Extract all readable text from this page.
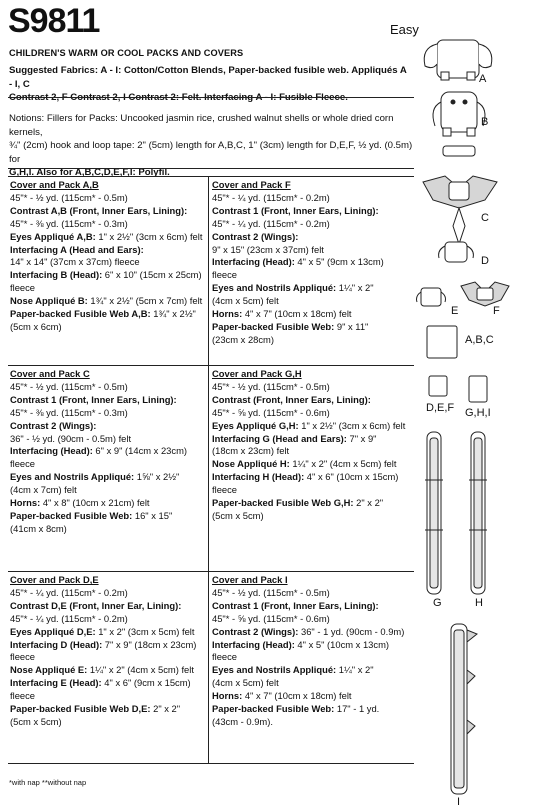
S9811	Easy
CHILDREN'S WARM OR COOL PACKS AND COVERS
Suggested Fabrics: A - I: Cotton/Cotton Blends, Paper-backed fusible web. Appliqués A - I, C
Contrast 2, F Contrast 2, I Contrast 2: Felt. Interfacing A - I: Fusible Fleece.
Notions: Fillers for Packs: Uncooked jasmin rice, crushed walnut shells or whole dried corn kernels,
¾" (2cm) hook and loop tape: 2" (5cm) length for A,B,C, 1" (3cm) length for D,E,F, ½ yd. (0.5m) for
G,H,I. Also for A,B,C,D,E,F,I: Polyfil.
Cover and Pack A,B
45"* - ½ yd. (115cm* - 0.5m)
Contrast A,B (Front, Inner Ears, Lining):
45"* - ⅜ yd. (115cm* - 0.3m)
Eyes Appliqué A,B: 1" x 2½" (3cm x 6cm) felt
Interfacing A (Head and Ears):
14" x 14" (37cm x 37cm) fleece
Interfacing B (Head): 6" x 10" (15cm x 25cm)
fleece
Nose Appliqué B: 1¾" x 2½" (5cm x 7cm) felt
Paper-backed Fusible Web A,B: 1¾" x 2½"
(5cm x 6cm)
Cover and Pack F
45"* - ¼ yd. (115cm* - 0.2m)
Contrast 1 (Front, Inner Ears, Lining):
45"* - ¼ yd. (115cm* - 0.2m)
Contrast 2 (Wings):
9" x 15" (23cm x 37cm) felt
Interfacing (Head): 4" x 5" (9cm x 13cm) fleece
Eyes and Nostrils Appliqué: 1¼" x 2"
(4cm x 5cm) felt
Horns: 4" x 7" (10cm x 18cm) felt
Paper-backed Fusible Web: 9" x 11"
(23cm x 28cm)
Cover and Pack C
45"* - ½ yd. (115cm* - 0.5m)
Contrast 1 (Front, Inner Ears, Lining):
45"* - ⅜ yd. (115cm* - 0.3m)
Contrast 2 (Wings):
36" - ½ yd. (90cm - 0.5m) felt
Interfacing (Head): 6" x 9" (14cm x 23cm)
fleece
Eyes and Nostrils Appliqué: 1⅝" x 2½"
(4cm x 7cm) felt
Horns: 4" x 8" (10cm x 21cm) felt
Paper-backed Fusible Web: 16" x 15"
(41cm x 8cm)
Cover and Pack G,H
45"* - ½ yd. (115cm* - 0.5m)
Contrast (Front, Inner Ears, Lining):
45"* - ⅝ yd. (115cm* - 0.6m)
Eyes Appliqué G,H: 1" x 2½" (3cm x 6cm) felt
Interfacing G (Head and Ears): 7" x 9"
(18cm x 23cm) felt
Nose Appliqué H: 1¼" x 2" (4cm x 5cm) felt
Interfacing H (Head): 4" x 6" (10cm x 15cm)
fleece
Paper-backed Fusible Web G,H: 2" x 2"
(5cm x 5cm)
Cover and Pack D,E
45"* - ¼ yd. (115cm* - 0.2m)
Contrast D,E (Front, Inner Ear, Lining):
45"* - ¼ yd. (115cm* - 0.2m)
Eyes Appliqué D,E: 1" x 2" (3cm x 5cm) felt
Interfacing D (Head): 7" x 9" (18cm x 23cm)
fleece
Nose Appliqué E: 1¼" x 2" (4cm x 5cm) felt
Interfacing E (Head): 4" x 6" (9cm x 15cm)
fleece
Paper-backed Fusible Web D,E: 2" x 2"
(5cm x 5cm)
Cover and Pack I
45"* - ½ yd. (115cm* - 0.5m)
Contrast 1 (Front, Inner Ears, Lining):
45"* - ⅝ yd. (115cm* - 0.6m)
Contrast 2 (Wings): 36" - 1 yd. (90cm - 0.9m)
Interfacing (Head): 4" x 5" (10cm x 13cm)
fleece
Eyes and Nostrils Appliqué: 1¼" x 2"
(4cm x 5cm) felt
Horns: 4" x 7" (10cm x 18cm) felt
Paper-backed Fusible Web: 17" - 1 yd.
(43cm - 0.9m).
*with nap **without nap
A
B
C
D
E	F
A,B,C
D,E,F G,H,I
G	H
I
